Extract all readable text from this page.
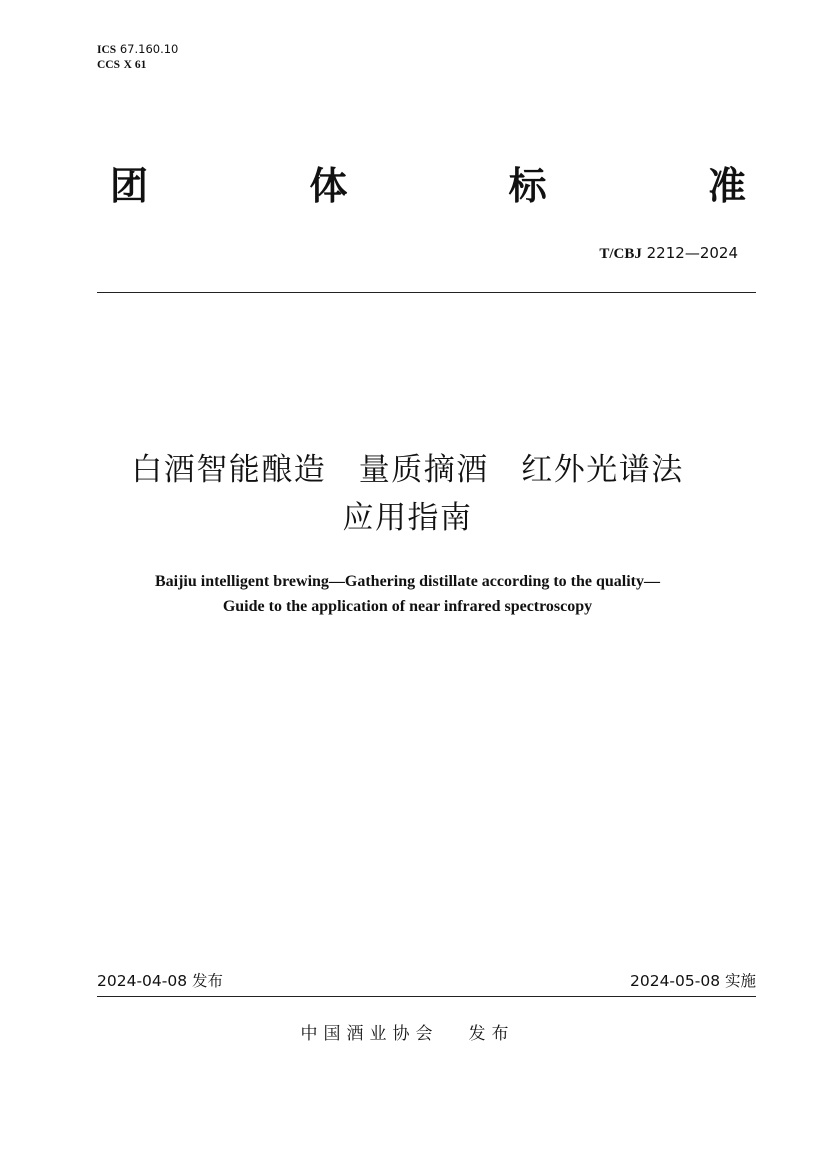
ICS 67.160.10
CCS X 61
团	体	标	准
T/CBJ 2212—2024
白酒智能酿造　量质摘酒　红外光谱法
应用指南
Baijiu intelligent brewing—Gathering distillate according to the quality—
Guide to the application of near infrared spectroscopy
2024-04-08 发布	2024-05-08 实施
中国酒业协会 发布
